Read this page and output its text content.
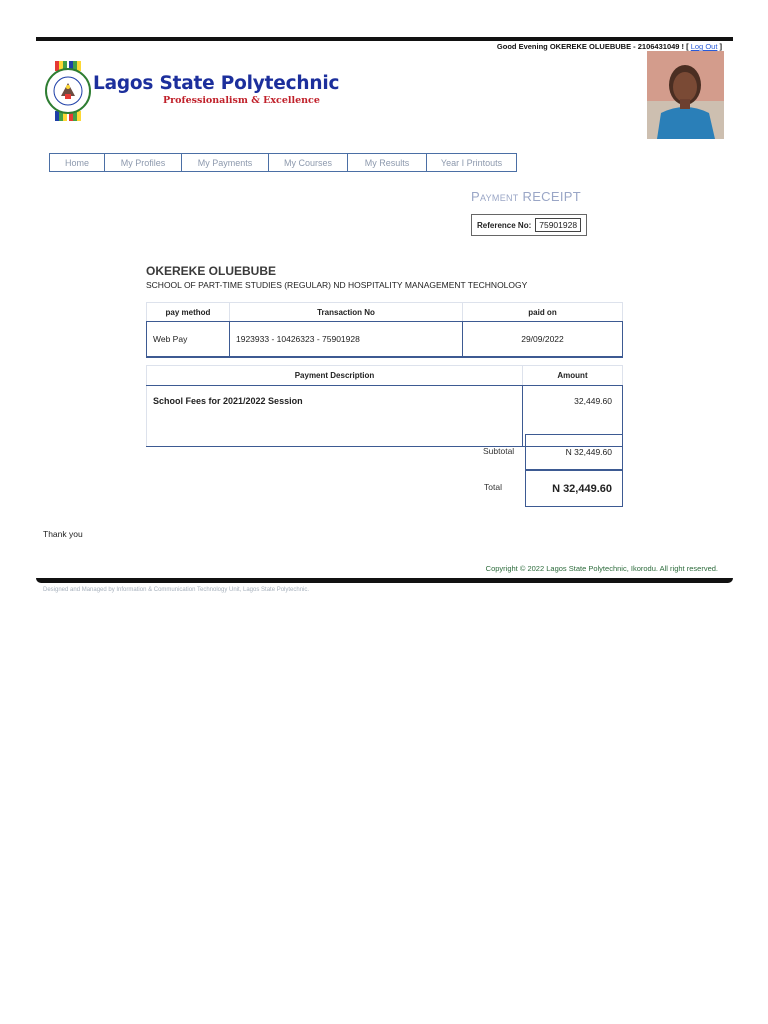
Good Evening OKEREKE OLUEBUBE - 2106431049 ! [ Log Out ]
Lagos State Polytechnic
Professionalism & Excellence
Home	My Profiles	My Payments	My Courses	My Results	Year I Printouts
Payment RECEIPT
Reference No: 75901928
OKEREKE OLUEBUBE
SCHOOL OF PART-TIME STUDIES (REGULAR) ND HOSPITALITY MANAGEMENT TECHNOLOGY
pay method	Transaction No	paid on
Web Pay	1923933 - 10426323 - 75901928	29/09/2022
Payment Description	Amount
School Fees for 2021/2022 Session	32,449.60
Subtotal	N 32,449.60
Total	N 32,449.60
Thank you
Copyright © 2022 Lagos State Polytechnic, Ikorodu. All right reserved.
Designed and Managed by Information & Communication Technology Unit, Lagos State Polytechnic.
